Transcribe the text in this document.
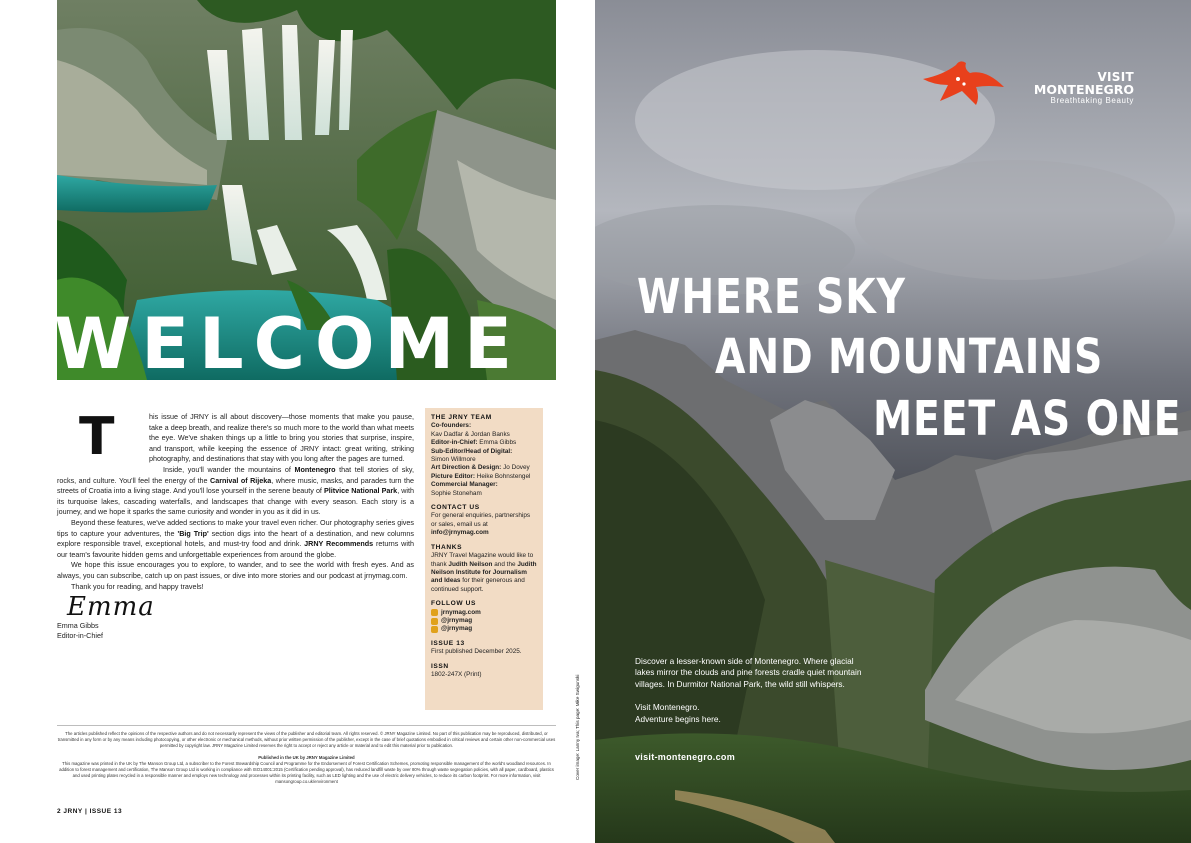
WELCOME
T	his issue of JRNY is all about discovery—those moments that make you pause, take a deep breath, and realize there's so much more to the world than what meets the eye. We've shaken things up a little to bring you stories that surprise, inspire, and transport, while keeping the essence of JRNY intact: great writing, striking photography, and destinations that stay with you long after the pages are turned.

Inside, you'll wander the mountains of Montenegro that tell stories of sky, rocks, and culture. You'll feel the energy of the Carnival of Rijeka, where music, masks, and parades turn the streets of Croatia into a living stage. And you'll lose yourself in the serene beauty of Plitvice National Park, with its turquoise lakes, cascading waterfalls, and landscapes that change with every season. Each story is a journey, and we hope it sparks the same curiosity and wonder in you as it did in us.

Beyond these features, we've added sections to make your travel even richer. Our photography series gives tips to capture your adventures, the 'Big Trip' section digs into the heart of a destination, and new columns explore responsible travel, exceptional hotels, and must-try food and drink. JRNY Recommends returns with our team's favourite hidden gems and unforgettable experiences from around the globe.

We hope this issue encourages you to explore, to wander, and to see the world with fresh eyes. And as always, you can subscribe, catch up on past issues, or dive into more stories and our podcast at jrnymag.com.

Thank you for reading, and happy travels!

Emma
Emma Gibbs
Editor-in-Chief
THE JRNY TEAM
Co-founders:
Kav Dadfar & Jordan Banks
Editor-in-Chief: Emma Gibbs
Sub-Editor/Head of Digital:
Simon Willmore
Art Direction & Design: Jo Dovey
Picture Editor: Heike Bohnstengel
Commercial Manager:
Sophie Stoneham
CONTACT US
For general enquiries, partnerships or sales, email us at info@jrnymag.com
THANKS
JRNY Travel Magazine would like to thank Judith Neilson and the Judith Neilson Institute for Journalism and Ideas for their generous and continued support.
FOLLOW US
jrnymag.com
@jrnymag
@jrnymag
ISSUE 13
First published December 2025.
ISSN
1802-247X (Print)
The articles published reflect the opinions of the respective authors and do not necessarily represent the views of the publisher and editorial team. All rights reserved. © JRNY Magazine Limited. No part of this publication may be reproduced, distributed, or transmitted in any form or by any means including photocopying, or other electronic or mechanical methods, without prior written permission of the publisher, except in the case of brief quotations embodied in critical reviews and certain other non-commercial uses permitted by copyright law. JRNY Magazine Limited reserves the right to accept or reject any article or material and to edit this material prior to publication.
Published in the UK by JRNY Magazine Limited
This magazine was printed in the UK by The Manson Group Ltd, a subscriber to the Forest Stewardship Council and Programme for the Endorsement of Forest Certification Schemes, promoting responsible management of the world's woodland resources. In addition to forest management and certification, The Manson Group Ltd is working in compliance with ISO14001:2015 (Certification pending approval), has reduced landfill waste by over 80% through waste segregation policies, with all paper, cardboard, plastics and used printing plates recycled in a responsible manner and employs new technology and processes within its printing facility, such as LED lighting and the use of electric delivery vehicles, to reduce its carbon footprint. For more information, visit mansongroup.co.uk/environment
2 JRNY | ISSUE 13
Cover image: Lanny Iva; This page: Mike Swigunski
VISIT
MONTENEGRO
Breathtaking Beauty
WHERE SKY
AND MOUNTAINS
MEET AS ONE

Discover a lesser-known side of Montenegro. Where glacial lakes mirror the clouds and pine forests cradle quiet mountain villages. In Durmitor National Park, the wild still whispers.

Visit Montenegro.
Adventure begins here.
visit-montenegro.com
